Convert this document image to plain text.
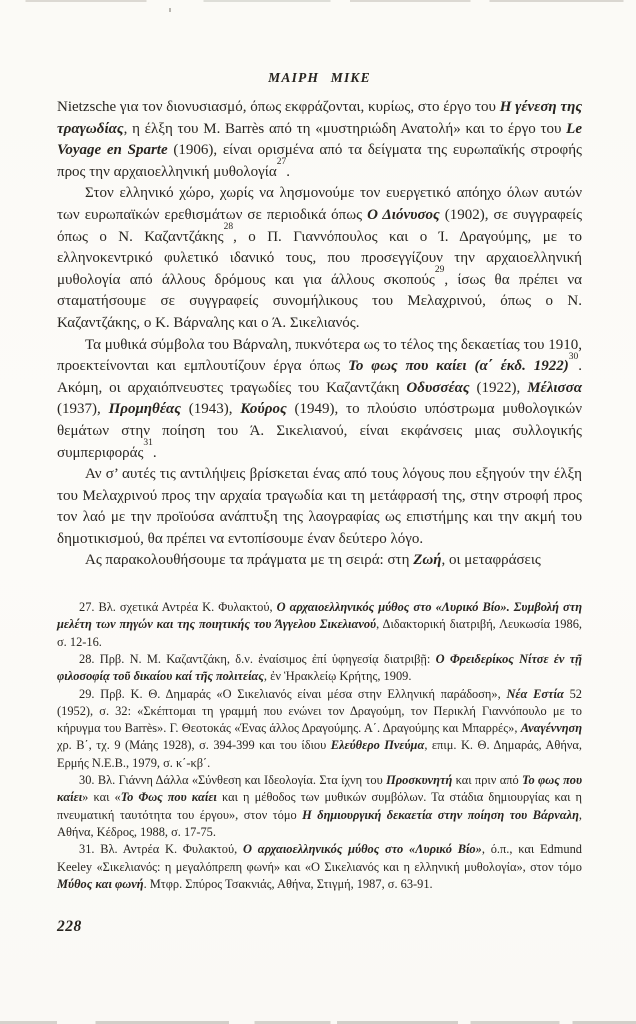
ΜΑΙΡΗ ΜΙΚΕ

Nietzsche για τον διονυσιασμό, όπως εκφράζονται, κυρίως, στο έργο του Η γένεση της τραγωδίας, η έλξη του M. Barrès από τη «μυστηριώδη Ανατολή» και το έργο του Le Voyage en Sparte (1906), είναι ορισμένα από τα δείγματα της ευρωπαϊκής στροφής προς την αρχαιοελληνική μυθολογία$^{27}$.

Στον ελληνικό χώρο, χωρίς να λησμονούμε τον ευεργετικό απόηχο όλων αυτών των ευρωπαϊκών ερεθισμάτων σε περιοδικά όπως Ο Διόνυσος (1902), σε συγγραφείς όπως ο Ν. Καζαντζάκης$^{28}$, ο Π. Γιαννόπουλος και ο Ί. Δραγούμης, με το ελληνοκεντρικό φυλετικό ιδανικό τους, που προσεγγίζουν την αρχαιοελληνική μυθολογία από άλλους δρόμους και για άλλους σκοπούς$^{29}$, ίσως θα πρέπει να σταματήσουμε σε συγγραφείς συνομήλικους του Μελαχρινού, όπως ο Ν. Καζαντζάκης, ο Κ. Βάρναλης και ο Ά. Σικελιανός.

Τα μυθικά σύμβολα του Βάρναλη, πυκνότερα ως το τέλος της δεκαετίας του 1910, προεκτείνονται και εμπλουτίζουν έργα όπως Το φως που καίει (α΄ έκδ. 1922)$^{30}$. Ακόμη, οι αρχαιόπνευστες τραγωδίες του Καζαντζάκη Οδυσσέας (1922), Μέλισσα (1937), Προμηθέας (1943), Κούρος (1949), το πλούσιο υπόστρωμα μυθολογικών θεμάτων στην ποίηση του Ά. Σικελιανού, είναι εκφάνσεις μιας συλλογικής συμπεριφοράς$^{31}$.

Αν σ’ αυτές τις αντιλήψεις βρίσκεται ένας από τους λόγους που εξηγούν την έλξη του Μελαχρινού προς την αρχαία τραγωδία και τη μετάφρασή της, στην στροφή προς τον λαό με την προϊούσα ανάπτυξη της λαογραφίας ως επιστήμης και την ακμή του δημοτικισμού, θα πρέπει να εντοπίσουμε έναν δεύτερο λόγο.

Ας παρακολουθήσουμε τα πράγματα με τη σειρά: στη Ζωή, οι μεταφράσεις

27. Βλ. σχετικά Αντρέα Κ. Φυλακτού, Ο αρχαιοελληνικός μύθος στο «Λυρικό Βίο». Συμβολή στη μελέτη των πηγών και της ποιητικής του Άγγελου Σικελιανού, Διδακτορική διατριβή, Λευκωσία 1986, σ. 12-16.

28. Πρβ. Ν. Μ. Καζαντζάκη, δ.ν. ἐναίσιμος ἐπί ὑφηγεσίᾳ διατριβῇ: Ο Φρειδερίκος Νίτσε ἐν τῇ φιλοσοφίᾳ τοῦ δικαίου καί τῆς πολιτείας, ἐν Ἡρακλείῳ Κρήτης, 1909.

29. Πρβ. Κ. Θ. Δημαράς «Ο Σικελιανός είναι μέσα στην Ελληνική παράδοση», Νέα Εστία 52 (1952), σ. 32: «Σκέπτομαι τη γραμμή που ενώνει τον Δραγούμη, τον Περικλή Γιαννόπουλο με το κήρυγμα του Barrès». Γ. Θεοτοκάς «Ένας άλλος Δραγούμης. Α΄. Δραγούμης και Μπαρρές», Αναγέννηση χρ. Β΄, τχ. 9 (Μάης 1928), σ. 394-399 και του ίδιου Ελεύθερο Πνεύμα, επιμ. Κ. Θ. Δημαράς, Αθήνα, Ερμής Ν.Ε.Β., 1979, σ. κ΄-κβ΄.

30. Βλ. Γιάννη Δάλλα «Σύνθεση και Ιδεολογία. Στα ίχνη του Προσκυνητή και πριν από Το φως που καίει» και «Το Φως που καίει και η μέθοδος των μυθικών συμβόλων. Τα στάδια δημιουργίας και η πνευματική ταυτότητα του έργου», στον τόμο Η δημιουργική δεκαετία στην ποίηση του Βάρναλη, Αθήνα, Κέδρος, 1988, σ. 17-75.

31. Βλ. Αντρέα Κ. Φυλακτού, Ο αρχαιοελληνικός μύθος στο «Λυρικό Βίο», ό.π., και Edmund Keeley «Σικελιανός: η μεγαλόπρεπη φωνή» και «Ο Σικελιανός και η ελληνική μυθολογία», στον τόμο Μύθος και φωνή. Μτφρ. Σπύρος Τσακνιάς, Αθήνα, Στιγμή, 1987, σ. 63-91.

228
